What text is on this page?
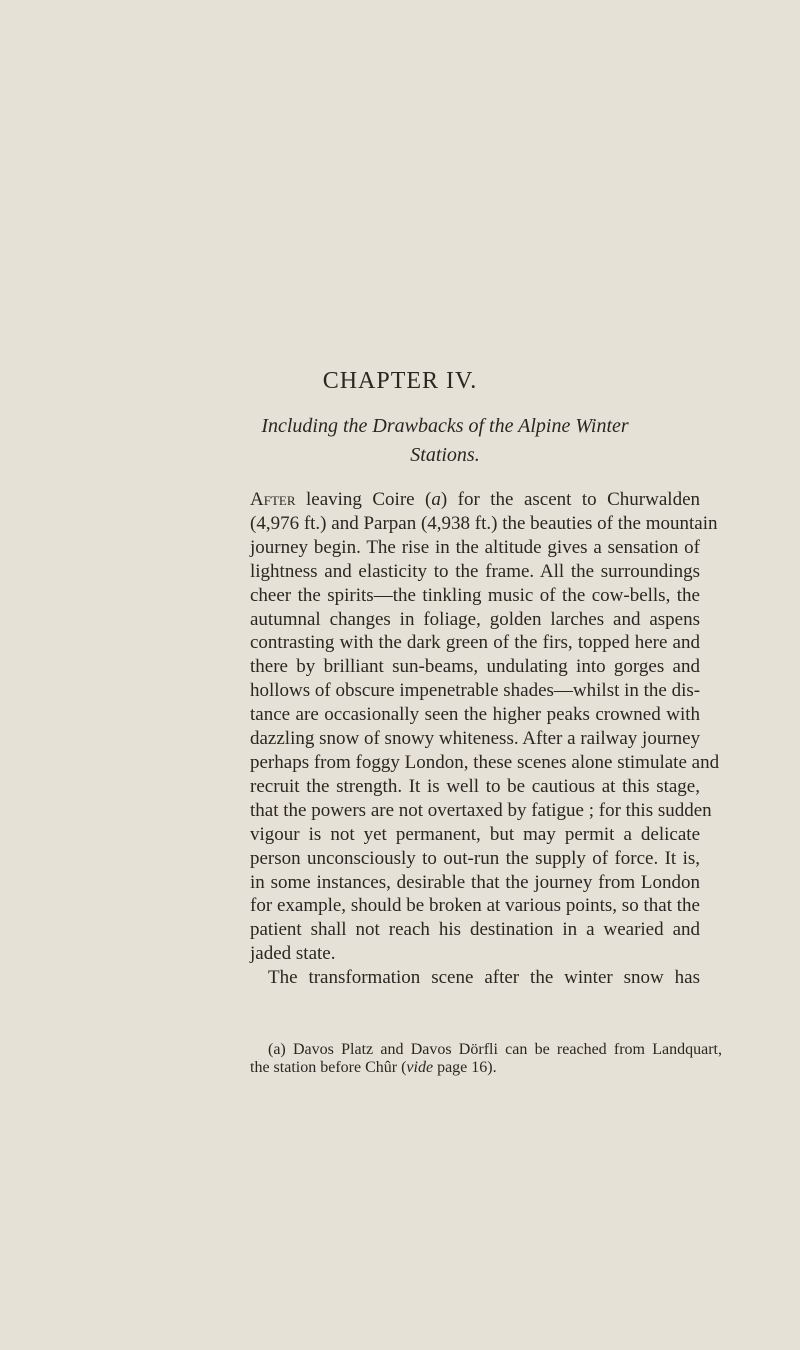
CHAPTER IV.

Including the Drawbacks of the Alpine Winter
Stations.

After leaving Coire (a) for the ascent to Churwalden
(4,976 ft.) and Parpan (4,938 ft.) the beauties of the mountain
journey begin. The rise in the altitude gives a sensation of
lightness and elasticity to the frame. All the surroundings
cheer the spirits—the tinkling music of the cow-bells, the
autumnal changes in foliage, golden larches and aspens
contrasting with the dark green of the firs, topped here and
there by brilliant sun-beams, undulating into gorges and
hollows of obscure impenetrable shades—whilst in the dis-
tance are occasionally seen the higher peaks crowned with
dazzling snow of snowy whiteness. After a railway journey
perhaps from foggy London, these scenes alone stimulate and
recruit the strength. It is well to be cautious at this stage,
that the powers are not overtaxed by fatigue ; for this sudden
vigour is not yet permanent, but may permit a delicate
person unconsciously to out-run the supply of force. It is,
in some instances, desirable that the journey from London
for example, should be broken at various points, so that the
patient shall not reach his destination in a wearied and
jaded state.
The transformation scene after the winter snow has
(a) Davos Platz and Davos Dörfli can be reached from Landquart,
the station before Chûr (vide page 16).
